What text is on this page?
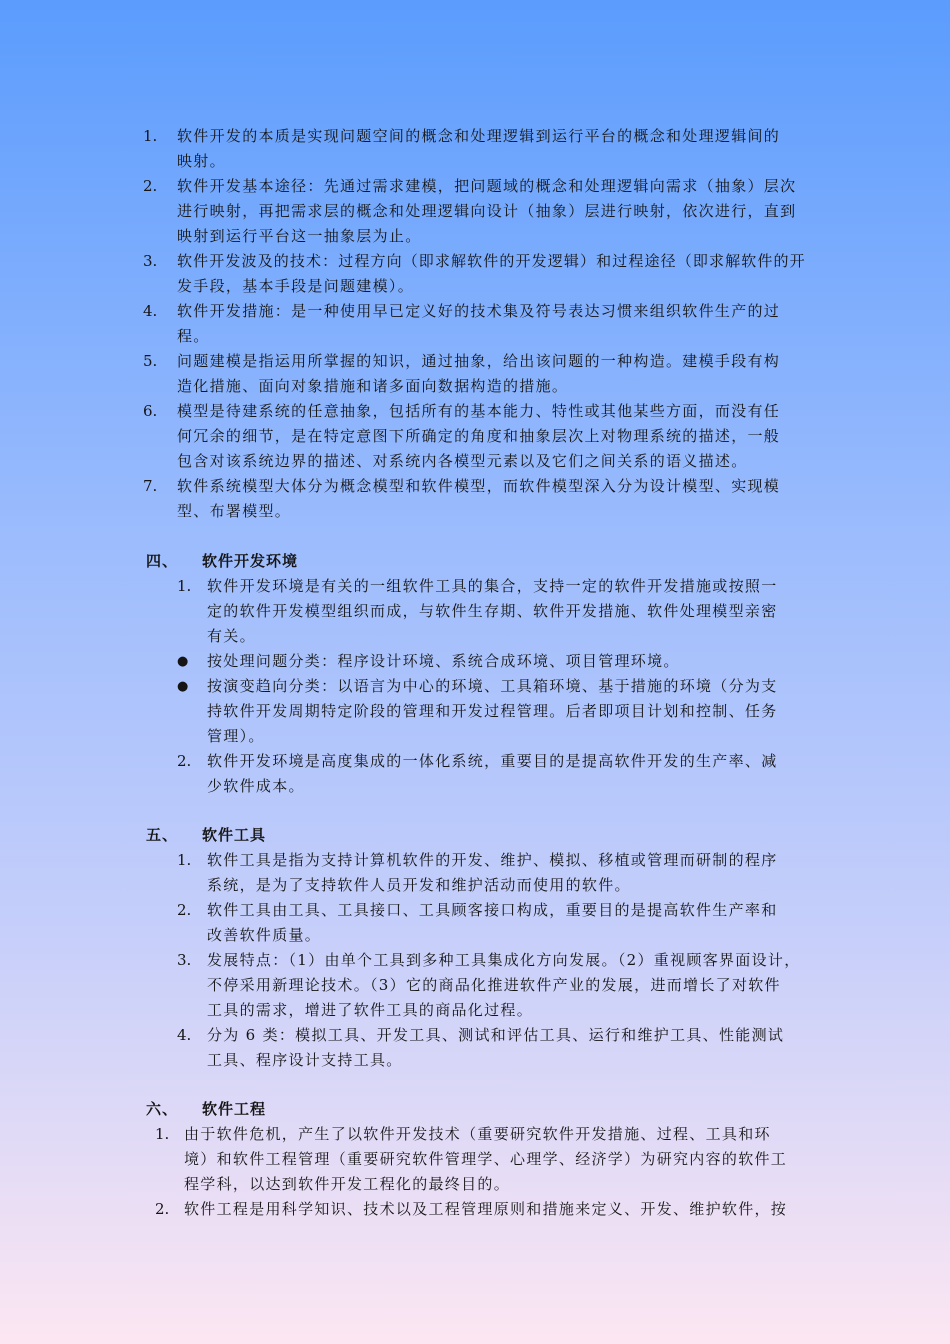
1. 软件开发的本质是实现问题空间的概念和处理逻辑到运行平台的概念和处理逻辑间的
映射。
2. 软件开发基本途径：先通过需求建模，把问题域的概念和处理逻辑向需求（抽象）层次
进行映射，再把需求层的概念和处理逻辑向设计（抽象）层进行映射，依次进行，直到
映射到运行平台这一抽象层为止。
3. 软件开发波及的技术：过程方向（即求解软件的开发逻辑）和过程途径（即求解软件的开
发手段，基本手段是问题建模）。
4. 软件开发措施：是一种使用早已定义好的技术集及符号表达习惯来组织软件生产的过
程。
5. 问题建模是指运用所掌握的知识，通过抽象，给出该问题的一种构造。建模手段有构
造化措施、面向对象措施和诸多面向数据构造的措施。
6. 模型是待建系统的任意抽象，包括所有的基本能力、特性或其他某些方面，而没有任
何冗余的细节，是在特定意图下所确定的角度和抽象层次上对物理系统的描述，一般
包含对该系统边界的描述、对系统内各模型元素以及它们之间关系的语义描述。
7. 软件系统模型大体分为概念模型和软件模型，而软件模型深入分为设计模型、实现模
型、布署模型。
四、 软件开发环境
1. 软件开发环境是有关的一组软件工具的集合，支持一定的软件开发措施或按照一
定的软件开发模型组织而成，与软件生存期、软件开发措施、软件处理模型亲密
有关。
● 按处理问题分类：程序设计环境、系统合成环境、项目管理环境。
● 按演变趋向分类：以语言为中心的环境、工具箱环境、基于措施的环境（分为支
持软件开发周期特定阶段的管理和开发过程管理。后者即项目计划和控制、任务
管理）。
2. 软件开发环境是高度集成的一体化系统，重要目的是提高软件开发的生产率、减
少软件成本。
五、 软件工具
1. 软件工具是指为支持计算机软件的开发、维护、模拟、移植或管理而研制的程序
系统，是为了支持软件人员开发和维护活动而使用的软件。
2. 软件工具由工具、工具接口、工具顾客接口构成，重要目的是提高软件生产率和
改善软件质量。
3. 发展特点：（1）由单个工具到多种工具集成化方向发展。（2）重视顾客界面设计，
不停采用新理论技术。（3）它的商品化推进软件产业的发展，进而增长了对软件
工具的需求，增进了软件工具的商品化过程。
4. 分为 6 类：模拟工具、开发工具、测试和评估工具、运行和维护工具、性能测试
工具、程序设计支持工具。
六、 软件工程
1. 由于软件危机，产生了以软件开发技术（重要研究软件开发措施、过程、工具和环
境）和软件工程管理（重要研究软件管理学、心理学、经济学）为研究内容的软件工
程学科，以达到软件开发工程化的最终目的。
2. 软件工程是用科学知识、技术以及工程管理原则和措施来定义、开发、维护软件，按
